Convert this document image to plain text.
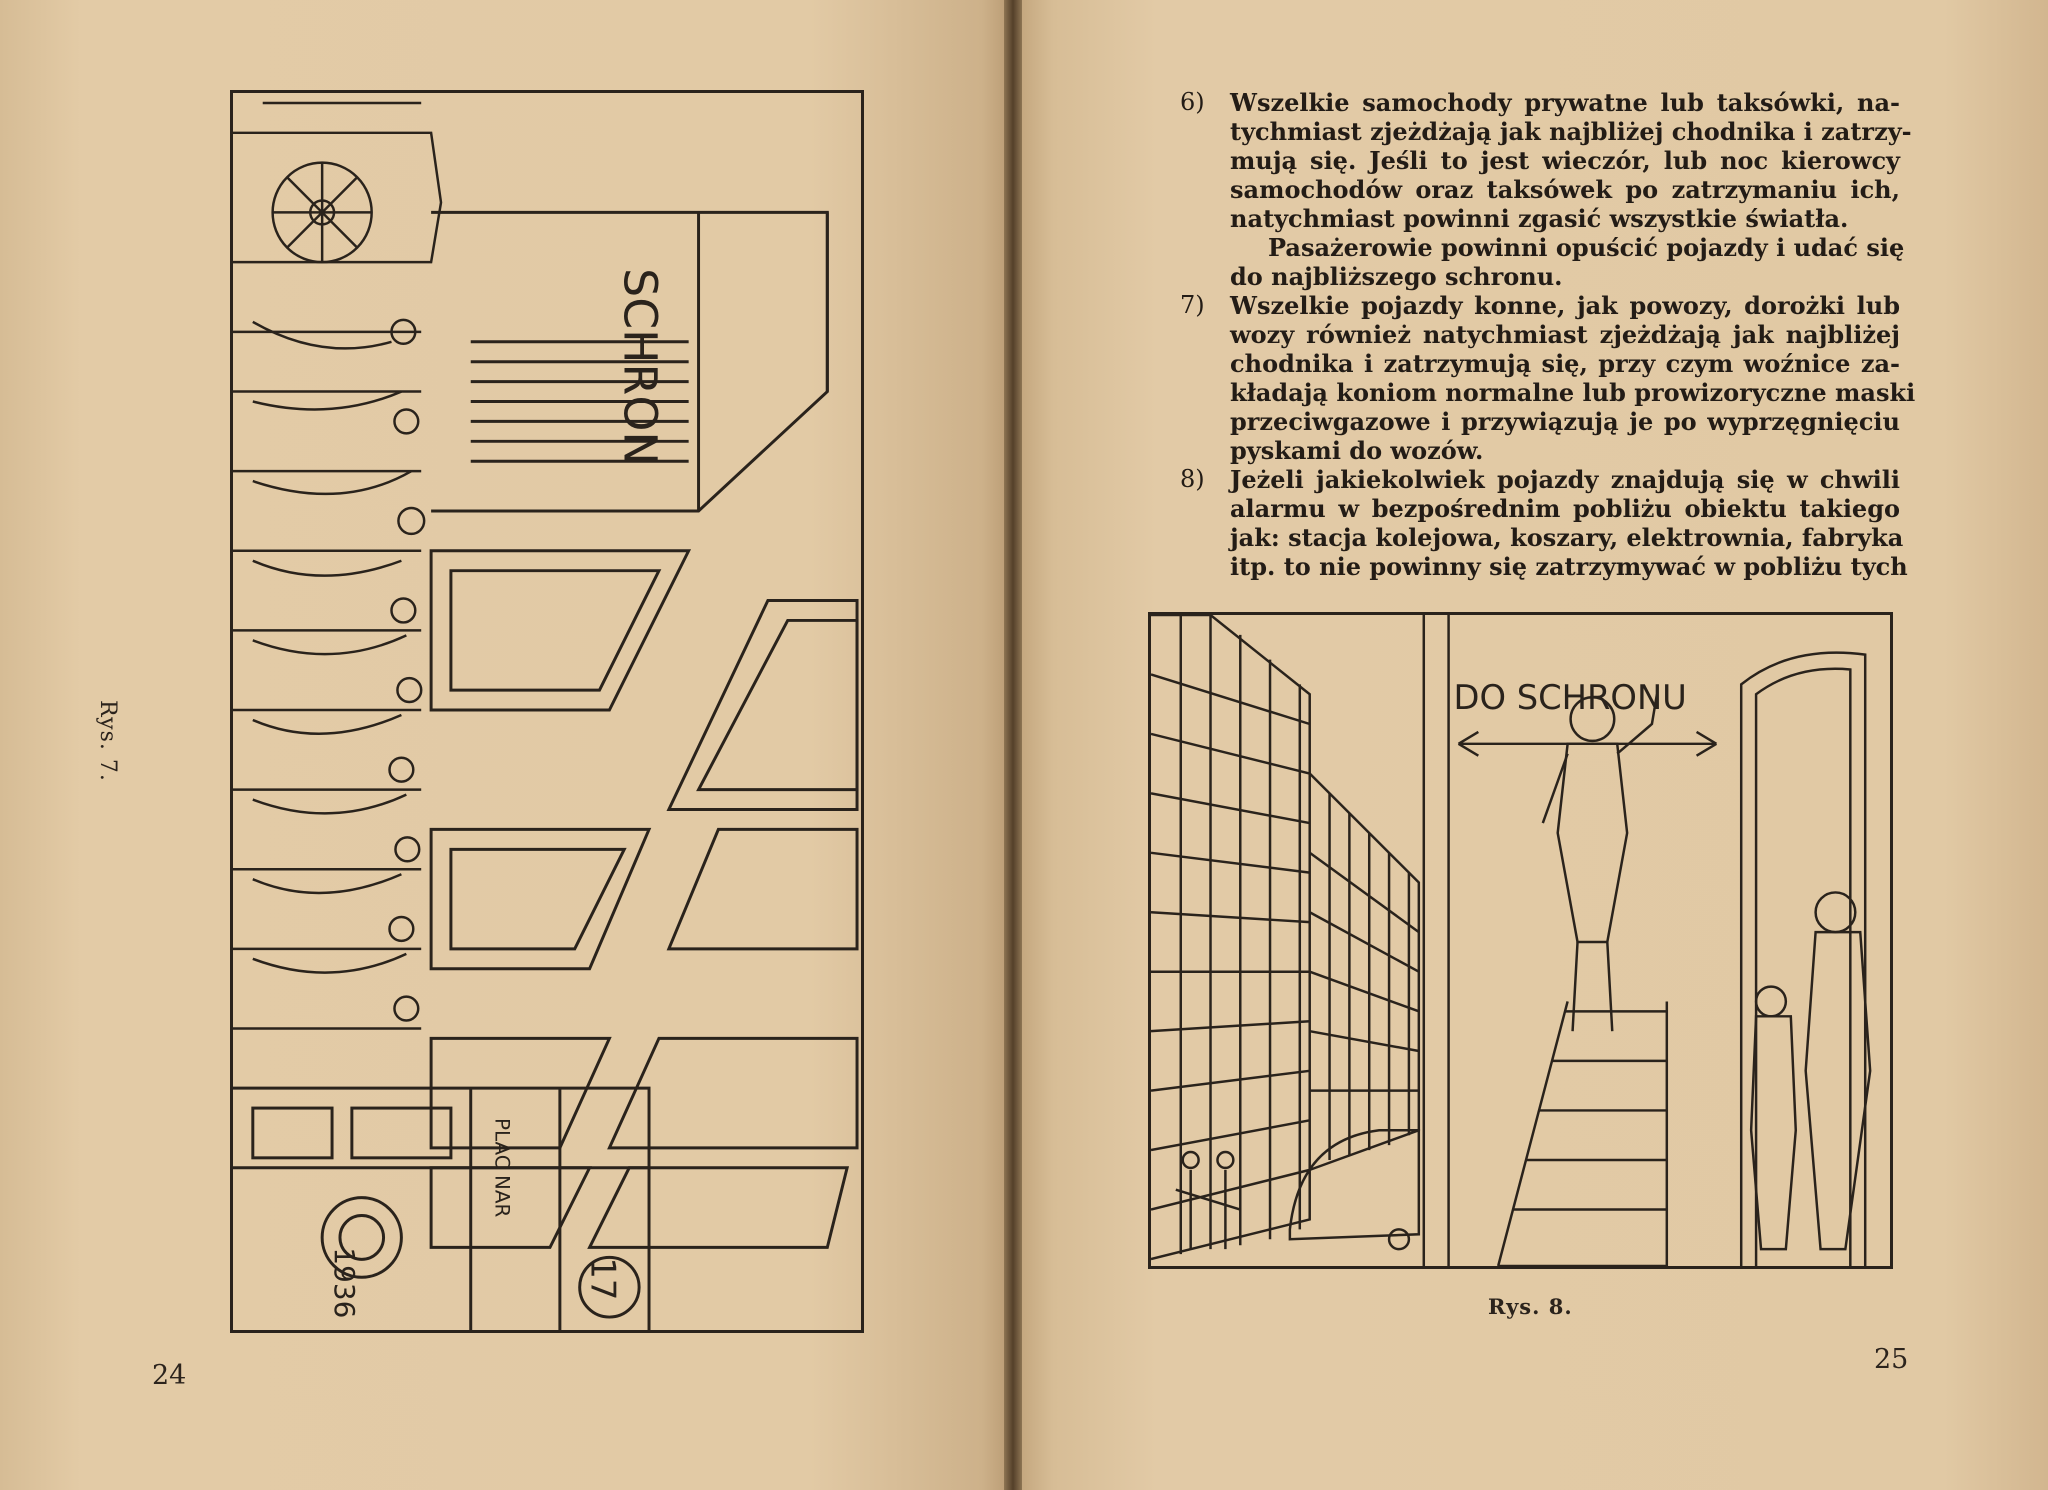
Rys. 7.
SCHRON
17
1936
PLAC NAR
24
6) Wszelkie samochody prywatne lub taksówki, na-
tychmiast zjeżdżają jak najbliżej chodnika i zatrzy-
mują się. Jeśli to jest wieczór, lub noc kierowcy
samochodów oraz taksówek po zatrzymaniu ich,
natychmiast powinni zgasić wszystkie światła.
Pasażerowie powinni opuścić pojazdy i udać się
do najbliższego schronu.
7) Wszelkie pojazdy konne, jak powozy, dorożki lub
wozy również natychmiast zjeżdżają jak najbliżej
chodnika i zatrzymują się, przy czym woźnice za-
kładają koniom normalne lub prowizoryczne maski
przeciwgazowe i przywiązują je po wyprzęgnięciu
pyskami do wozów.
8) Jeżeli jakiekolwiek pojazdy znajdują się w chwili
alarmu w bezpośrednim pobliżu obiektu takiego
jak: stacja kolejowa, koszary, elektrownia, fabryka
itp. to nie powinny się zatrzymywać w pobliżu tych
DO SCHRONU
Rys. 8.
25
